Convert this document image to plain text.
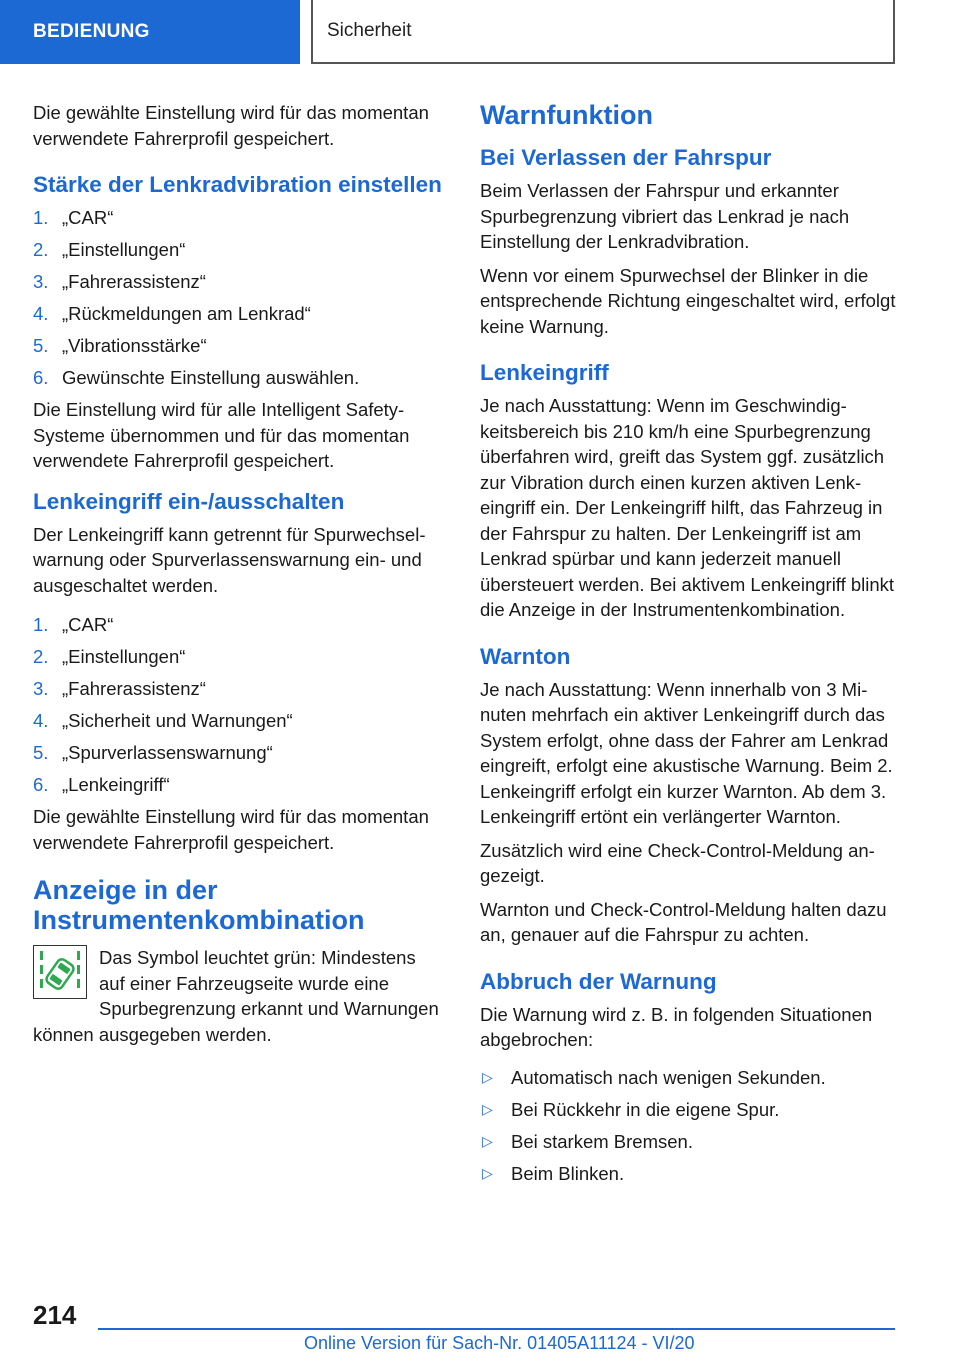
BEDIENUNG	Sicherheit

Die gewählte Einstellung wird für das momentan verwendete Fahrerprofil gespeichert.

Stärke der Lenkradvibration einstellen
1. „CAR“
2. „Einstellungen“
3. „Fahrerassistenz“
4. „Rückmeldungen am Lenkrad“
5. „Vibrationsstärke“
6. Gewünschte Einstellung auswählen.

Die Einstellung wird für alle Intelligent Safety-Systeme übernommen und für das momentan verwendete Fahrerprofil gespeichert.

Lenkeingriff ein-/ausschalten

Der Lenkeingriff kann getrennt für Spurwechselwarnung oder Spurverlassenswarnung ein- und ausgeschaltet werden.

1. „CAR“
2. „Einstellungen“
3. „Fahrerassistenz“
4. „Sicherheit und Warnungen“
5. „Spurverlassenswarnung“
6. „Lenkeingriff“

Die gewählte Einstellung wird für das momentan verwendete Fahrerprofil gespeichert.

Anzeige in der Instrumentenkombination

Das Symbol leuchtet grün: Mindestens auf einer Fahrzeugseite wurde eine Spurbegrenzung erkannt und Warnungen können ausgegeben werden.

Warnfunktion
Bei Verlassen der Fahrspur

Beim Verlassen der Fahrspur und erkannter Spurbegrenzung vibriert das Lenkrad je nach Einstellung der Lenkradvibration.

Wenn vor einem Spurwechsel der Blinker in die entsprechende Richtung eingeschaltet wird, erfolgt keine Warnung.

Lenkeingriff

Je nach Ausstattung: Wenn im Geschwindigkeitsbereich bis 210 km/h eine Spurbegrenzung überfahren wird, greift das System ggf. zusätzlich zur Vibration durch einen kurzen aktiven Lenkeingriff ein. Der Lenkeingriff hilft, das Fahrzeug in der Fahrspur zu halten. Der Lenkeingriff ist am Lenkrad spürbar und kann jederzeit manuell übersteuert werden. Bei aktivem Lenkeingriff blinkt die Anzeige in der Instrumentenkombination.

Warnton

Je nach Ausstattung: Wenn innerhalb von 3 Minuten mehrfach ein aktiver Lenkeingriff durch das System erfolgt, ohne dass der Fahrer am Lenkrad eingreift, erfolgt eine akustische Warnung. Beim 2. Lenkeingriff erfolgt ein kurzer Warnton. Ab dem 3. Lenkeingriff ertönt ein verlängerter Warnton.

Zusätzlich wird eine Check-Control-Meldung angezeigt.

Warnton und Check-Control-Meldung halten dazu an, genauer auf die Fahrspur zu achten.

Abbruch der Warnung

Die Warnung wird z. B. in folgenden Situationen abgebrochen:

▷ Automatisch nach wenigen Sekunden.
▷ Bei Rückkehr in die eigene Spur.
▷ Bei starkem Bremsen.
▷ Beim Blinken.
214
Online Version für Sach-Nr. 01405A11124 - VI/20
